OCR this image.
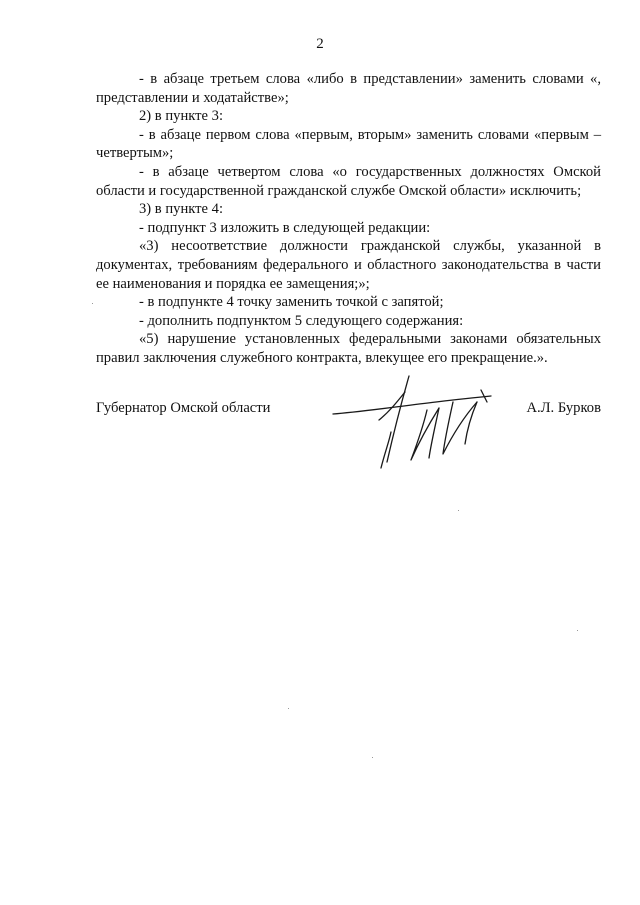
2

- в абзаце третьем слова «либо в представлении» заменить словами «, представлении и ходатайстве»;

2) в пункте 3:

- в абзаце первом слова «первым, вторым» заменить словами «первым – четвертым»;

- в абзаце четвертом слова «о государственных должностях Омской области и государственной гражданской службе Омской области» исключить;

3) в пункте 4:

- подпункт 3 изложить в следующей редакции:

«3) несоответствие должности гражданской службы, указанной в документах, требованиям федерального и областного законодательства в части ее наименования и порядка ее замещения;»;

- в подпункте 4 точку заменить точкой с запятой;

- дополнить подпунктом 5 следующего содержания:

«5) нарушение установленных федеральными законами обязательных правил заключения служебного контракта, влекущее его прекращение.».

Губернатор Омской области	А.Л. Бурков
